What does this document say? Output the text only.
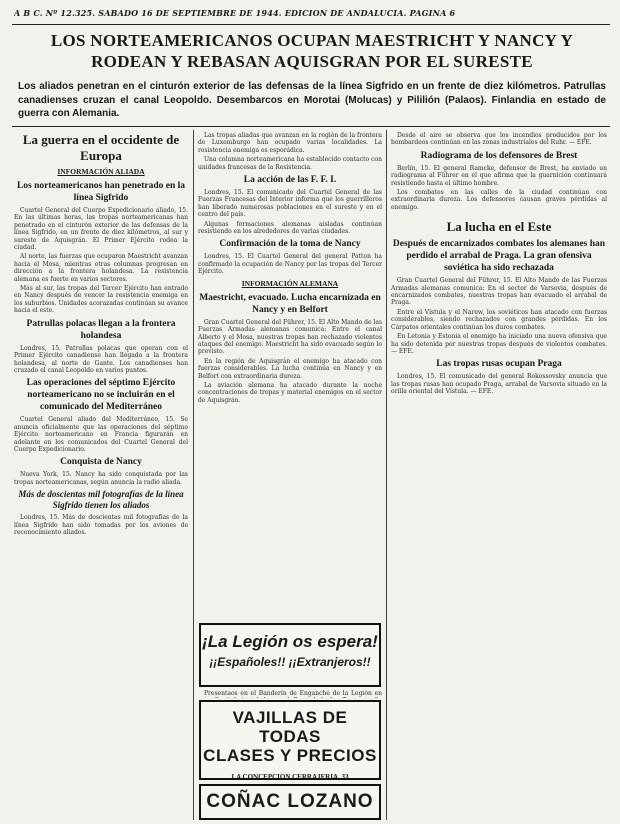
A B C. Nº 12.325. SABADO 16 DE SEPTIEMBRE DE 1944. EDICION DE ANDALUCIA. PAGINA 6
LOS NORTEAMERICANOS OCUPAN MAESTRICHT Y NANCY Y RODEAN Y REBASAN AQUISGRAN POR EL SURESTE
Los aliados penetran en el cinturón exterior de las defensas de la línea Sigfrido en un frente de diez kilómetros. Patrullas canadienses cruzan el canal Leopoldo. Desembarcos en Morotai (Molucas) y Pililión (Palaos). Finlandia en estado de guerra con Alemania.
La guerra en el occidente de Europa
INFORMACIÓN ALIADA
Los norteamericanos han penetrado en la línea Sigfrido

Cuartel General del Cuerpo Expedicionario aliado, 15. En las últimas horas, las tropas norteamericanas han penetrado en el cinturón exterior de las defensas de la línea Sigfrido, en un frente de diez kilómetros, al sur y sureste de Aquisgrán. El Primer Ejército rodea la ciudad.

Al norte, las fuerzas que ocuparon Maestricht avanzan hacia el Mosa, mientras otras columnas progresan en dirección a la frontera holandesa. La resistencia alemana es fuerte en varios sectores.

Más al sur, las tropas del Tercer Ejército han entrado en Nancy después de vencer la resistencia enemiga en los suburbios. Unidades acorazadas continúan su avance hacia el este.

Patrullas polacas llegan a la frontera holandesa

Londres, 15. Patrullas polacas que operan con el Primer Ejército canadiense han llegado a la frontera holandesa, al norte de Gante. Los canadienses han cruzado el canal Leopoldo en varios puntos.

Las operaciones del séptimo Ejército norteamericano no se incluirán en el comunicado del Mediterráneo

Cuartel General aliado del Mediterráneo, 15. Se anuncia oficialmente que las operaciones del séptimo Ejército norteamericano en Francia figurarán en adelante en los comunicados del Cuartel General del Cuerpo Expedicionario.

Conquista de Nancy

Nueva York, 15. Nancy ha sido conquistada por las tropas norteamericanas, según anuncia la radio aliada.

Más de doscientas mil fotografías de la línea Sigfrido tienen los aliados

Londres, 15. Más de doscientas mil fotografías de la línea Sigfrido han sido tomadas por los aviones de reconocimiento aliados.

Las tropas aliadas que avanzan en la región de la frontera de Luxemburgo han ocupado varias localidades. La resistencia enemiga es esporádica.

Una columna norteamericana ha establecido contacto con unidades francesas de la Resistencia.

La acción de las F. F. I.

Londres, 15. El comunicado del Cuartel General de las Fuerzas Francesas del Interior informa que los guerrilleros han liberado numerosas poblaciones en el sureste y en el centro del país.

Algunas formaciones alemanas aisladas continúan resistiendo en los alrededores de varias ciudades.

Confirmación de la toma de Nancy

Londres, 15. El Cuartel General del general Patton ha confirmado la ocupación de Nancy por las tropas del Tercer Ejército.

INFORMACIÓN ALEMANA
Maestricht, evacuado. Lucha encarnizada en Nancy y en Belfort

Gran Cuartel General del Führer, 15. El Alto Mando de las Fuerzas Armadas alemanas comunica: Entre el canal Alberto y el Mosa, nuestras tropas han rechazado violentos ataques del enemigo. Maestricht ha sido evacuado según lo previsto.

En la región de Aquisgrán el enemigo ha atacado con fuerzas considerables. La lucha continúa en Nancy y en Belfort con extraordinaria dureza.

La aviación alemana ha atacado durante la noche concentraciones de tropas y material enemigos en el sector de Aquisgrán.

¡La Legión os espera!
¡¡Españoles!! ¡¡Extranjeros!!

Presentaos en el Banderín de Enganche de la Legión en

VAJILLAS DE TODAS
CLASES Y PRECIOS
LA CONCEPCION CERRAJERIA, 33
COÑAC LOZANO

Desde el aire se observa que los incendios producidos por los bombardeos continúan en las zonas industriales del Ruhr. — EFE.

Radiograma de los defensores de Brest

Berlín, 15. El general Ramcke, defensor de Brest, ha enviado un radiograma al Führer en el que afirma que la guarnición continuará resistiendo hasta el último hombre.

Los combates en las calles de la ciudad continúan con extraordinaria dureza. Los defensores causan graves pérdidas al enemigo.

La lucha en el Este
Después de encarnizados combates los alemanes han perdido el arrabal de Praga. La gran ofensiva soviética ha sido rechazada

Gran Cuartel General del Führer, 15. El Alto Mando de las Fuerzas Armadas alemanas comunica: En el sector de Varsovia, después de encarnizados combates, nuestras tropas han evacuado el arrabal de Praga.

Entre el Vístula y el Narew, los soviéticos han atacado con fuerzas considerables, siendo rechazados con grandes pérdidas. En los Cárpatos orientales continúan los duros combates.

En Letonia y Estonia el enemigo ha iniciado una nueva ofensiva que ha sido detenida por nuestras tropas después de violentos combates. — EFE.

Las tropas rusas ocupan Praga

Londres, 15. El comunicado del general Rokossovsky anuncia que las tropas rusas han ocupado Praga, arrabal de Varsovia situado en la orilla oriental del Vístula. — EFE.
